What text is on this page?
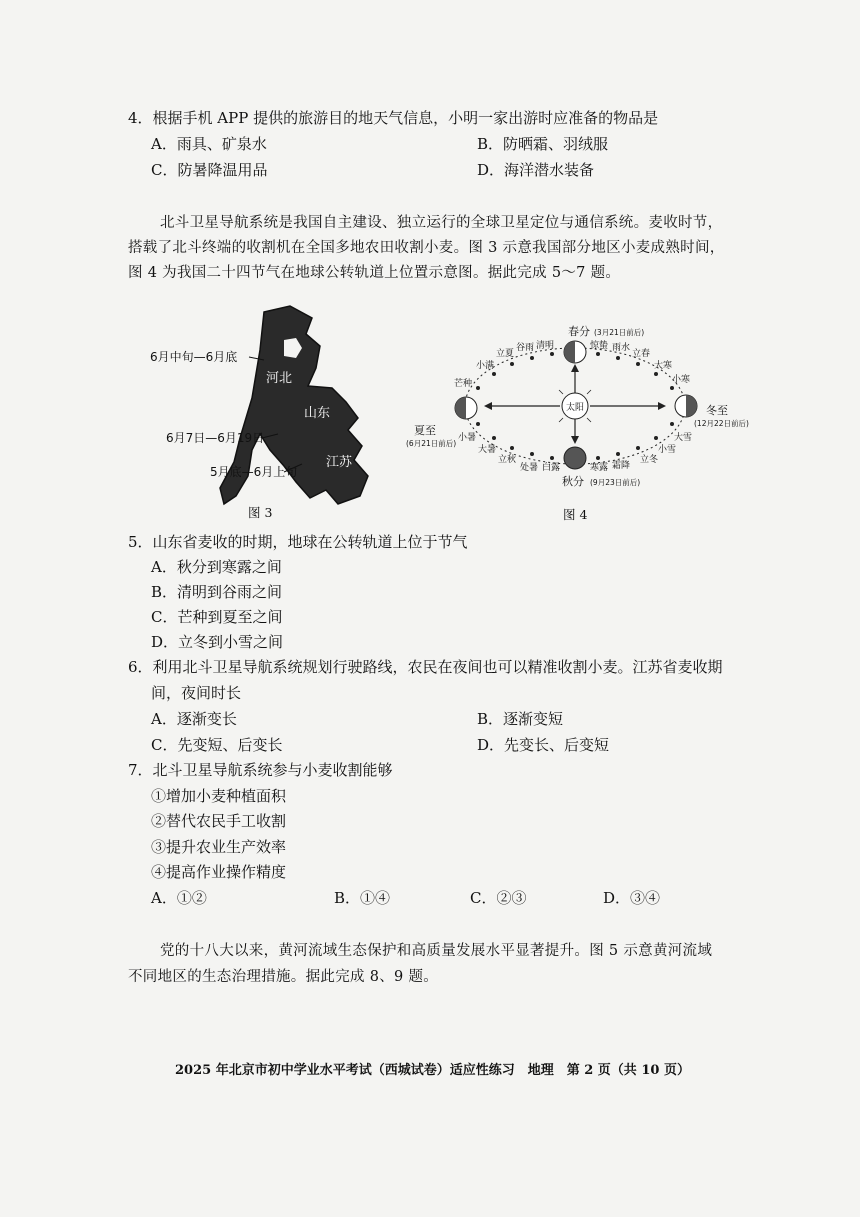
4．根据手机 APP 提供的旅游目的地天气信息，小明一家出游时应准备的物品是
A．雨具、矿泉水	B．防晒霜、羽绒服
C．防暑降温用品	D．海洋潜水装备
北斗卫星导航系统是我国自主建设、独立运行的全球卫星定位与通信系统。麦收时节，
搭载了北斗终端的收割机在全国多地农田收割小麦。图 3 示意我国部分地区小麦成熟时间，
图 4 为我国二十四节气在地球公转轨道上位置示意图。据此完成 5～7 题。
6月中旬—6月底
6月7日—6月19日
5月底—6月上旬
河北
山东
江苏
图 3
太阳
春分 (3月21日前后)
夏至
(6月21日前后)
秋分 (9月23日前后)
冬至
(12月22日前后)
清明
谷雨
立夏
小满
芒种
惊蛰 雨水
立春
大寒
小寒
大雪
小雪
立冬
霜降
寒露
白露
处暑
立秋
大暑
小暑
图 4
5．山东省麦收的时期，地球在公转轨道上位于节气
A．秋分到寒露之间
B．清明到谷雨之间
C．芒种到夏至之间
D．立冬到小雪之间
6．利用北斗卫星导航系统规划行驶路线，农民在夜间也可以精准收割小麦。江苏省麦收期
间，夜间时长
A．逐渐变长	B．逐渐变短
C．先变短、后变长	D．先变长、后变短
7．北斗卫星导航系统参与小麦收割能够
①增加小麦种植面积
②替代农民手工收割
③提升农业生产效率
④提高作业操作精度
A．①②	B．①④	C．②③	D．③④
党的十八大以来，黄河流域生态保护和高质量发展水平显著提升。图 5 示意黄河流域
不同地区的生态治理措施。据此完成 8、9 题。
2025 年北京市初中学业水平考试（西城试卷）适应性练习　地理　第 2 页（共 10 页）
